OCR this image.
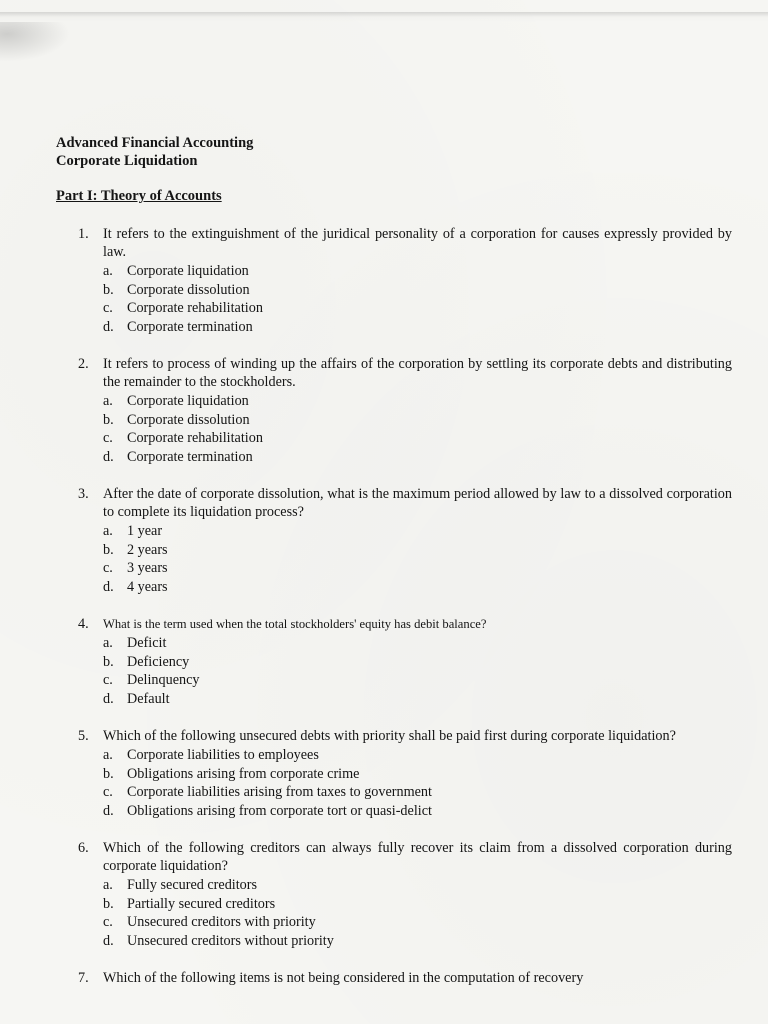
Advanced Financial Accounting
Corporate Liquidation
Part I: Theory of Accounts
1.	It refers to the extinguishment of the juridical personality of a corporation for causes expressly provided by law.
a. Corporate liquidation
b. Corporate dissolution
c. Corporate rehabilitation
d. Corporate termination
2.	It refers to process of winding up the affairs of the corporation by settling its corporate debts and distributing the remainder to the stockholders.
a. Corporate liquidation
b. Corporate dissolution
c. Corporate rehabilitation
d. Corporate termination
3.	After the date of corporate dissolution, what is the maximum period allowed by law to a dissolved corporation to complete its liquidation process?
a. 1 year
b. 2 years
c. 3 years
d. 4 years
4.	What is the term used when the total stockholders' equity has debit balance?
a. Deficit
b. Deficiency
c. Delinquency
d. Default
5.	Which of the following unsecured debts with priority shall be paid first during corporate liquidation?
a. Corporate liabilities to employees
b. Obligations arising from corporate crime
c. Corporate liabilities arising from taxes to government
d. Obligations arising from corporate tort or quasi-delict
6.	Which of the following creditors can always fully recover its claim from a dissolved corporation during corporate liquidation?
a. Fully secured creditors
b. Partially secured creditors
c. Unsecured creditors with priority
d. Unsecured creditors without priority
7.	Which of the following items is not being considered in the computation of recovery
